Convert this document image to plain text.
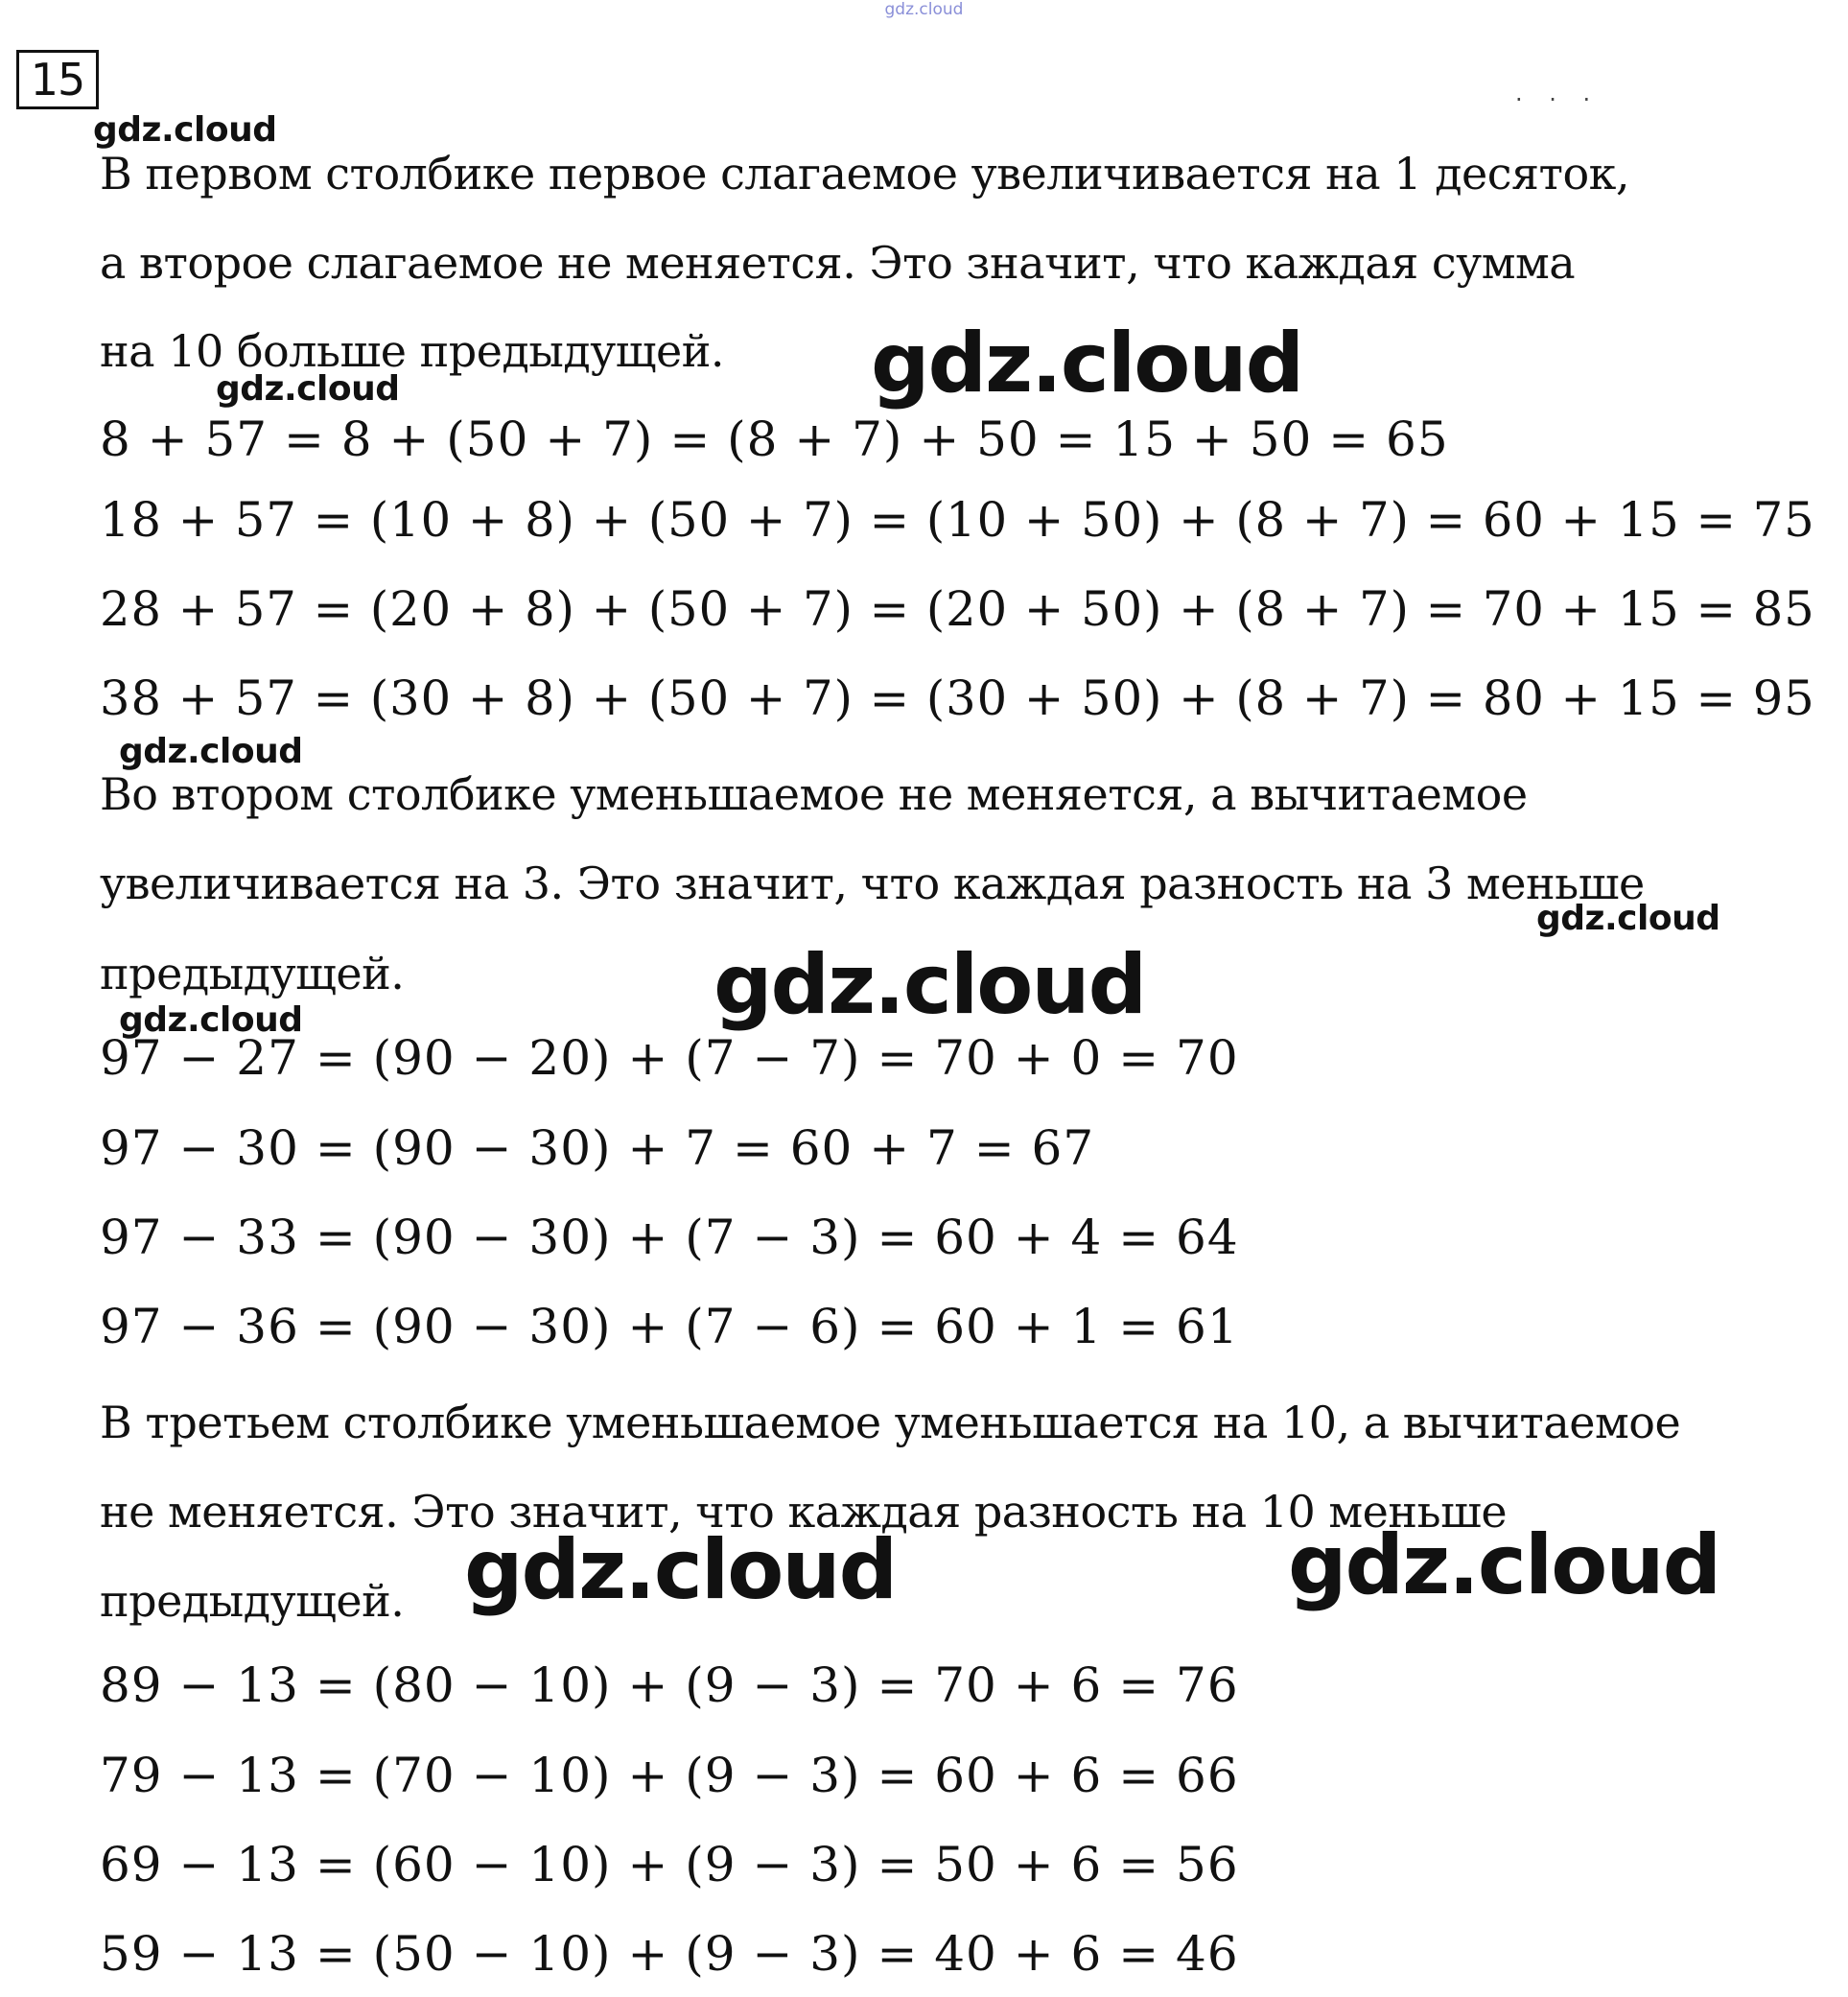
gdz.cloud
15	· · ·
В первом столбике первое слагаемое увеличивается на 1 десяток,
а второе слагаемое не меняется. Это значит, что каждая сумма
на 10 больше предыдущей.
8 + 57 = 8 + (50 + 7) = (8 + 7) + 50 = 15 + 50 = 65
18 + 57 = (10 + 8) + (50 + 7) = (10 + 50) + (8 + 7) = 60 + 15 = 75
28 + 57 = (20 + 8) + (50 + 7) = (20 + 50) + (8 + 7) = 70 + 15 = 85
38 + 57 = (30 + 8) + (50 + 7) = (30 + 50) + (8 + 7) = 80 + 15 = 95
Во втором столбике уменьшаемое не меняется, а вычитаемое
увеличивается на 3. Это значит, что каждая разность на 3 меньше
предыдущей.
97 − 27 = (90 − 20) + (7 − 7) = 70 + 0 = 70
97 − 30 = (90 − 30) + 7 = 60 + 7 = 67
97 − 33 = (90 − 30) + (7 − 3) = 60 + 4 = 64
97 − 36 = (90 − 30) + (7 − 6) = 60 + 1 = 61
В третьем столбике уменьшаемое уменьшается на 10, а вычитаемое
не меняется. Это значит, что каждая разность на 10 меньше
предыдущей.
89 − 13 = (80 − 10) + (9 − 3) = 70 + 6 = 76
79 − 13 = (70 − 10) + (9 − 3) = 60 + 6 = 66
69 − 13 = (60 − 10) + (9 − 3) = 50 + 6 = 56
59 − 13 = (50 − 10) + (9 − 3) = 40 + 6 = 46
gdz.cloud
gdz.cloud	gdz.cloud
gdz.cloud
gdz.cloud
gdz.cloud
gdz.cloud
gdz.cloud	gdz.cloud
